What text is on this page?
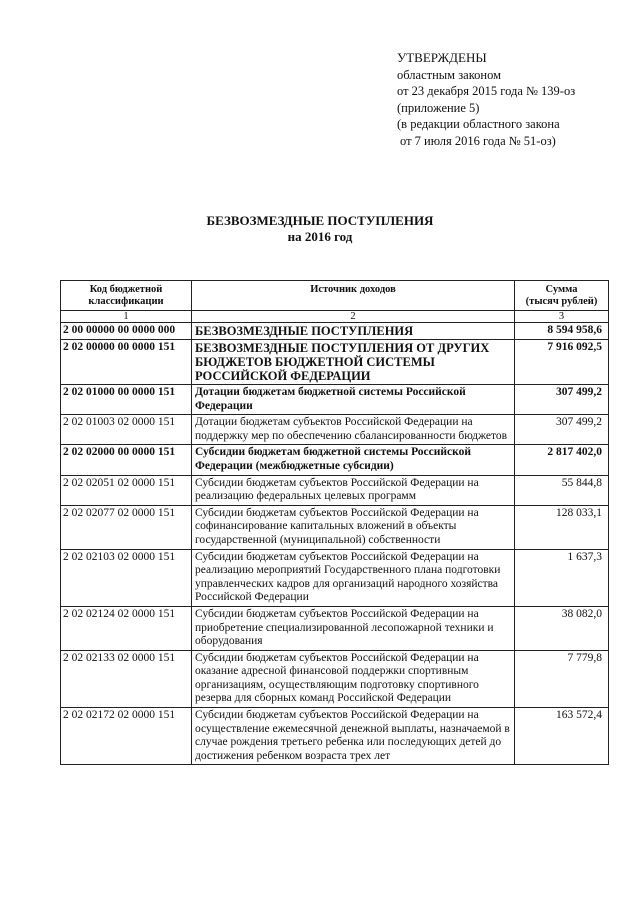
УТВЕРЖДЕНЫ
областным законом
от 23 декабря 2015 года № 139-оз
(приложение 5)
(в редакции областного закона
от 7 июля 2016 года № 51-оз)
БЕЗВОЗМЕЗДНЫЕ ПОСТУПЛЕНИЯ
на 2016 год
Код бюджетной классификации	Источник доходов	Сумма
(тысяч рублей)

1	2	3
2 00 00000 00 0000 000	БЕЗВОЗМЕЗДНЫЕ ПОСТУПЛЕНИЯ	8 594 958,6
2 02 00000 00 0000 151	БЕЗВОЗМЕЗДНЫЕ ПОСТУПЛЕНИЯ ОТ ДРУГИХ БЮДЖЕТОВ БЮДЖЕТНОЙ СИСТЕМЫ РОССИЙСКОЙ ФЕДЕРАЦИИ	7 916 092,5
2 02 01000 00 0000 151	Дотации бюджетам бюджетной системы Российской Федерации	307 499,2
2 02 01003 02 0000 151	Дотации бюджетам субъектов Российской Федерации на поддержку мер по обеспечению сбалансированности бюджетов	307 499,2
2 02 02000 00 0000 151	Субсидии бюджетам бюджетной системы Российской Федерации (межбюджетные субсидии)	2 817 402,0
2 02 02051 02 0000 151	Субсидии бюджетам субъектов Российской Федерации на реализацию федеральных целевых программ	55 844,8
2 02 02077 02 0000 151	Субсидии бюджетам субъектов Российской Федерации на софинансирование капитальных вложений в объекты государственной (муниципальной) собственности	128 033,1
2 02 02103 02 0000 151	Субсидии бюджетам субъектов Российской Федерации на реализацию мероприятий Государственного плана подготовки управленческих кадров для организаций народного хозяйства Российской Федерации	1 637,3
2 02 02124 02 0000 151	Субсидии бюджетам субъектов Российской Федерации на приобретение специализированной лесопожарной техники и оборудования	38 082,0
2 02 02133 02 0000 151	Субсидии бюджетам субъектов Российской Федерации на оказание адресной финансовой поддержки спортивным организациям, осуществляющим подготовку спортивного резерва для сборных команд Российской Федерации	7 779,8
2 02 02172 02 0000 151	Субсидии бюджетам субъектов Российской Федерации на осуществление ежемесячной денежной выплаты, назначаемой в случае рождения третьего ребенка или последующих детей до достижения ребенком возраста трех лет	163 572,4
